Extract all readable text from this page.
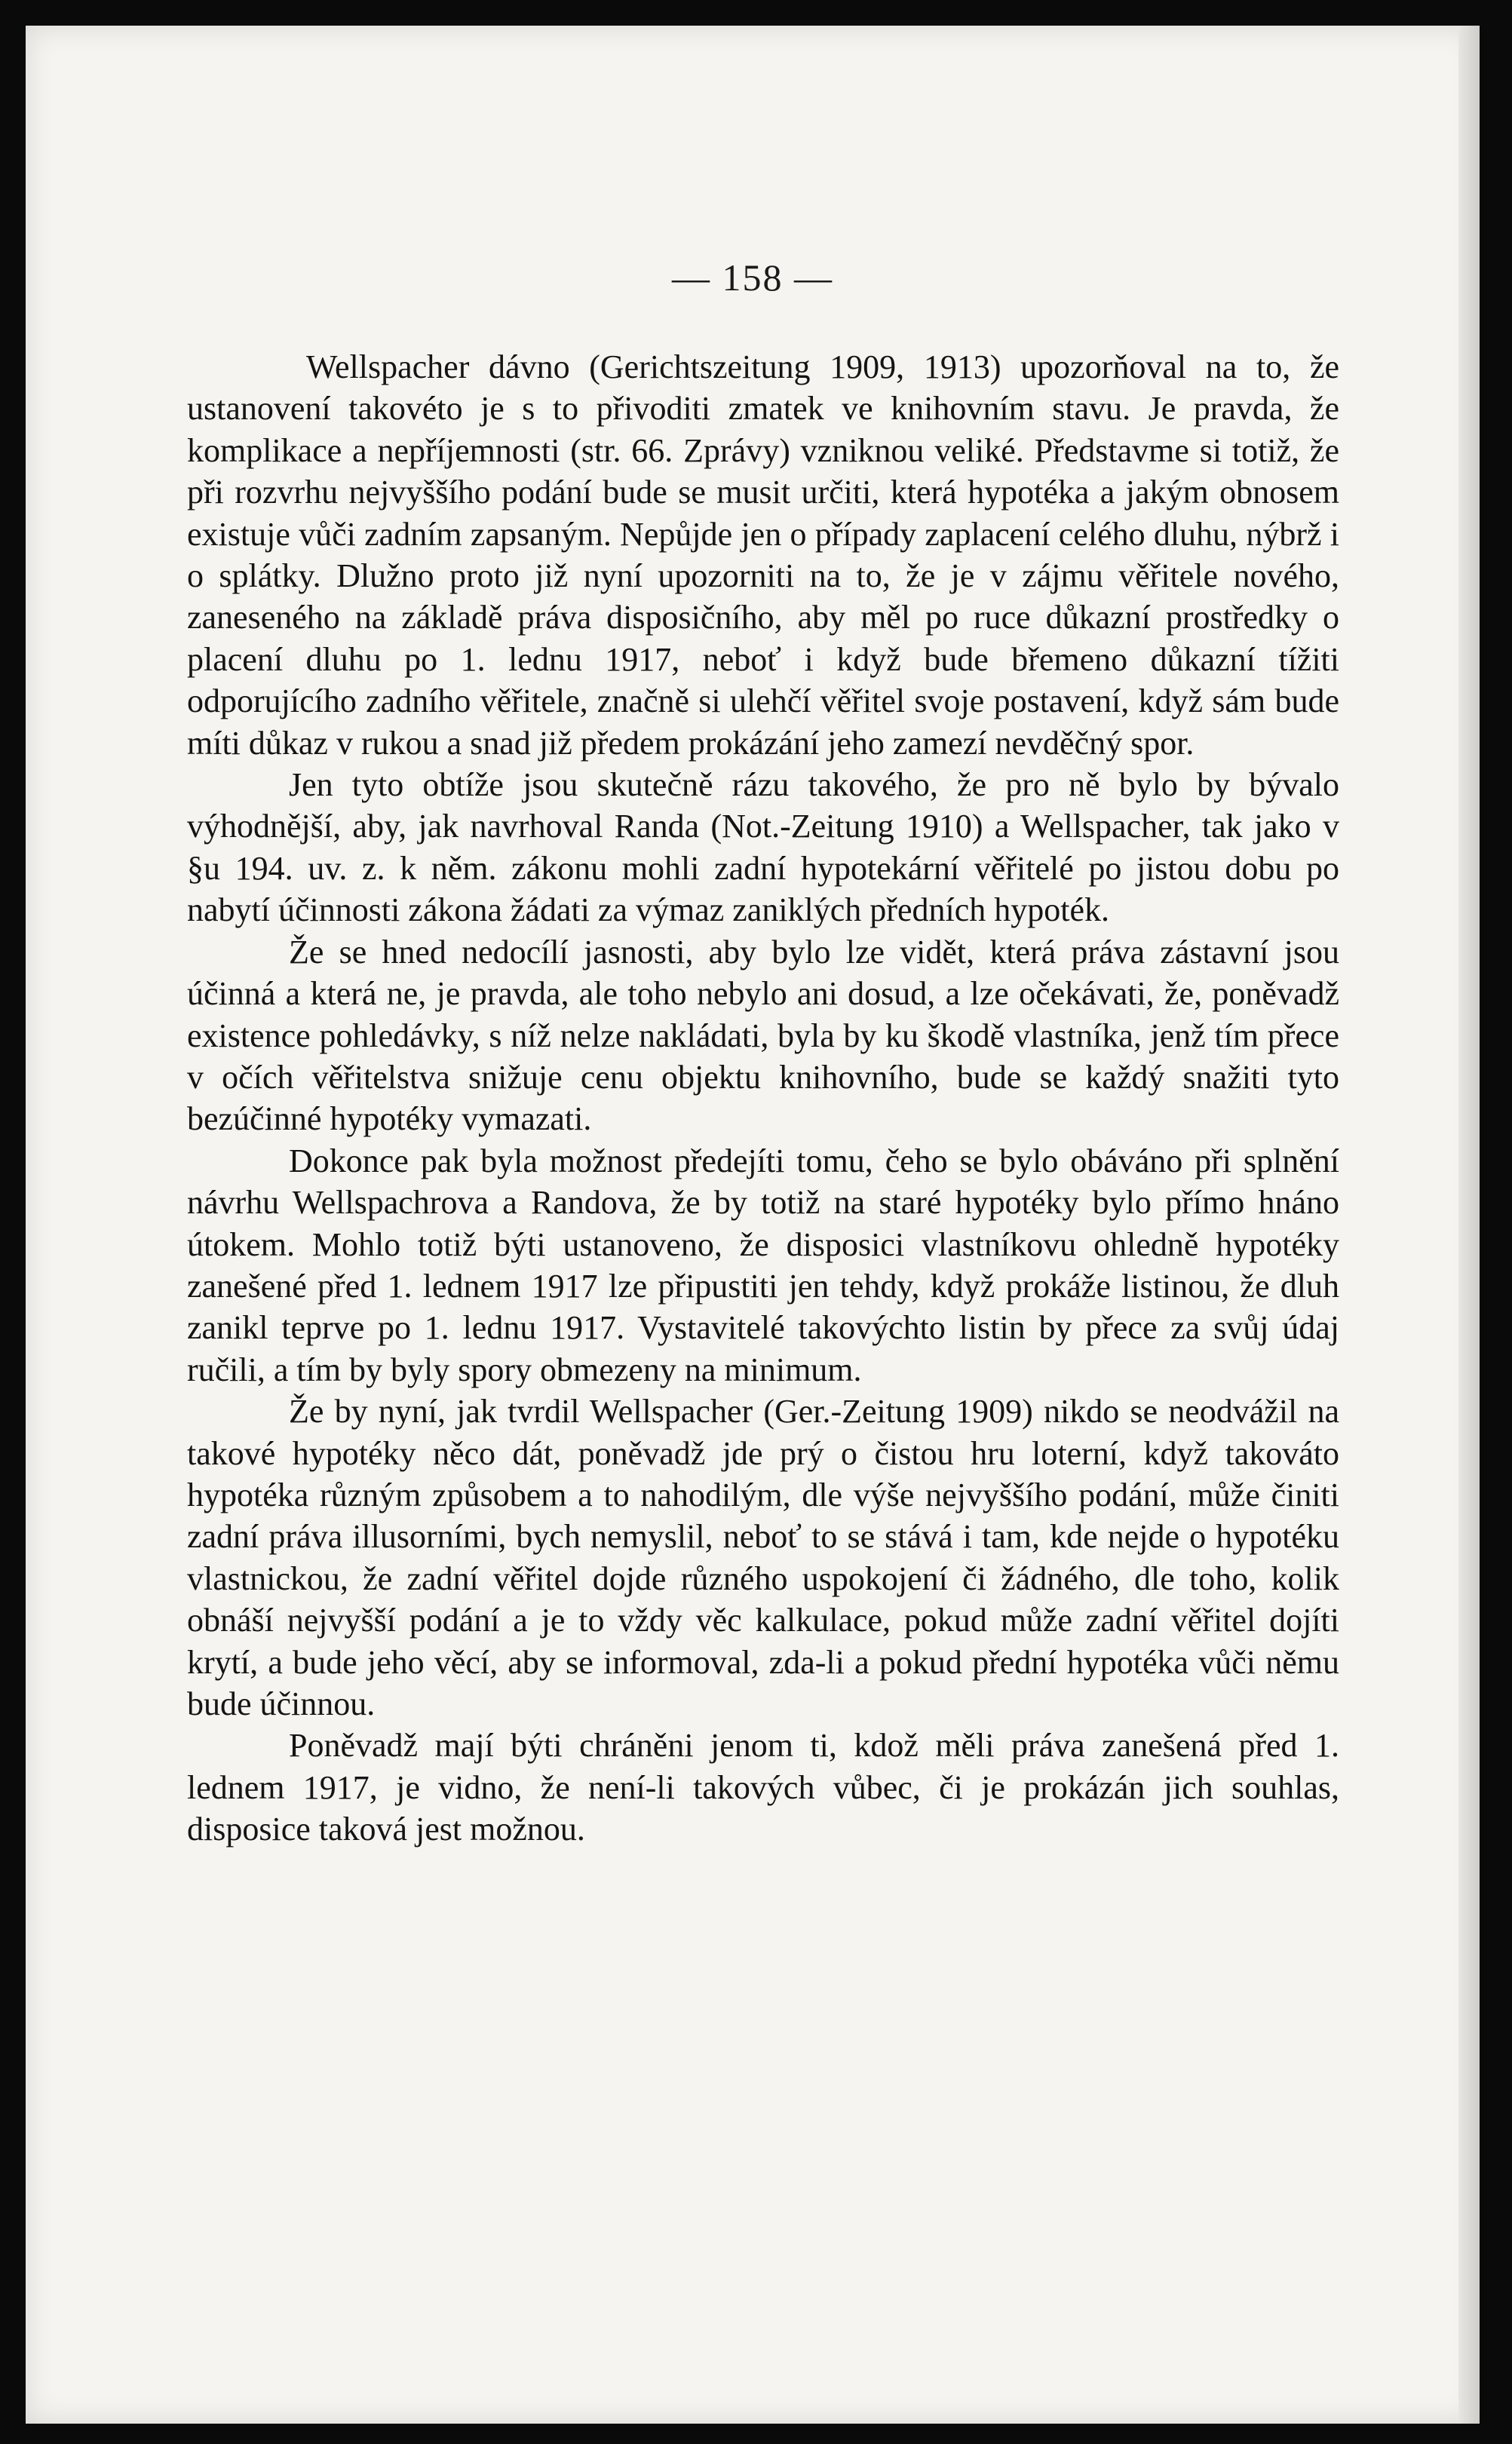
— 158 —

Wellspacher dávno (Gerichtszeitung 1909, 1913) upozorňoval na to, že ustanovení takovéto je s to přivoditi zmatek ve knihovním stavu. Je pravda, že komplikace a nepříjemnosti (str. 66. Zprávy) vzniknou veliké. Představme si totiž, že při rozvrhu nejvyššího podání bude se musit určiti, která hypotéka a jakým obnosem existuje vůči zadním zapsaným. Nepůjde jen o případy zaplacení celého dluhu, nýbrž i o splátky. Dlužno proto již nyní upozorniti na to, že je v zájmu věřitele nového, zaneseného na základě práva disposičního, aby měl po ruce důkazní prostředky o placení dluhu po 1. lednu 1917, neboť i když bude břemeno důkazní tížiti odporujícího zadního věřitele, značně si ulehčí věřitel svoje postavení, když sám bude míti důkaz v rukou a snad již předem prokázání jeho zamezí nevděčný spor.

Jen tyto obtíže jsou skutečně rázu takového, že pro ně bylo by bývalo výhodnější, aby, jak navrhoval Randa (Not.-Zeitung 1910) a Wellspacher, tak jako v §u 194. uv. z. k něm. zákonu mohli zadní hypotekární věřitelé po jistou dobu po nabytí účinnosti zákona žádati za výmaz zaniklých předních hypoték.

Že se hned nedocílí jasnosti, aby bylo lze vidět, která práva zástavní jsou účinná a která ne, je pravda, ale toho nebylo ani dosud, a lze očekávati, že, poněvadž existence pohledávky, s níž nelze nakládati, byla by ku škodě vlastníka, jenž tím přece v očích věřitelstva snižuje cenu objektu knihovního, bude se každý snažiti tyto bezúčinné hypotéky vymazati.

Dokonce pak byla možnost předejíti tomu, čeho se bylo obáváno při splnění návrhu Wellspachrova a Randova, že by totiž na staré hypotéky bylo přímo hnáno útokem. Mohlo totiž býti ustanoveno, že disposici vlastníkovu ohledně hypotéky zanešené před 1. lednem 1917 lze připustiti jen tehdy, když prokáže listinou, že dluh zanikl teprve po 1. lednu 1917. Vystavitelé takovýchto listin by přece za svůj údaj ručili, a tím by byly spory obmezeny na minimum.

Že by nyní, jak tvrdil Wellspacher (Ger.-Zeitung 1909) nikdo se neodvážil na takové hypotéky něco dát, poněvadž jde prý o čistou hru loterní, když takováto hypotéka různým způsobem a to nahodilým, dle výše nejvyššího podání, může činiti zadní práva illusorními, bych nemyslil, neboť to se stává i tam, kde nejde o hypotéku vlastnickou, že zadní věřitel dojde různého uspokojení či žádného, dle toho, kolik obnáší nejvyšší podání a je to vždy věc kalkulace, pokud může zadní věřitel dojíti krytí, a bude jeho věcí, aby se informoval, zda-li a pokud přední hypotéka vůči němu bude účinnou.

Poněvadž mají býti chráněni jenom ti, kdož měli práva zanešená před 1. lednem 1917, je vidno, že není-li takových vůbec, či je prokázán jich souhlas, disposice taková jest možnou.
